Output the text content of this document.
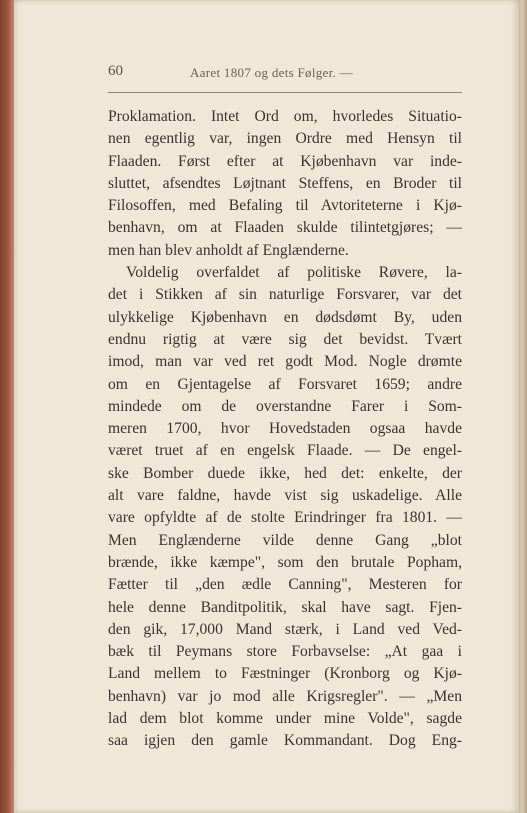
60	Aaret 1807 og dets Følger. —
Proklamation. Intet Ord om, hvorledes Situatio-
nen egentlig var, ingen Ordre med Hensyn til
Flaaden. Først efter at Kjøbenhavn var inde-
sluttet, afsendtes Løjtnant Steffens, en Broder til
Filosoffen, med Befaling til Avtoriteterne i Kjø-
benhavn, om at Flaaden skulde tilintetgjøres; —
men han blev anholdt af Englænderne.
Voldelig overfaldet af politiske Røvere, la-
det i Stikken af sin naturlige Forsvarer, var det
ulykkelige Kjøbenhavn en dødsdømt By, uden
endnu rigtig at være sig det bevidst. Tvært
imod, man var ved ret godt Mod. Nogle drømte
om en Gjentagelse af Forsvaret 1659; andre
mindede om de overstandne Farer i Som-
meren 1700, hvor Hovedstaden ogsaa havde
været truet af en engelsk Flaade. — De engel-
ske Bomber duede ikke, hed det: enkelte, der
alt vare faldne, havde vist sig uskadelige. Alle
vare opfyldte af de stolte Erindringer fra 1801. —
Men Englænderne vilde denne Gang „blot
brænde, ikke kæmpe", som den brutale Popham,
Fætter til „den ædle Canning", Mesteren for
hele denne Banditpolitik, skal have sagt. Fjen-
den gik, 17,000 Mand stærk, i Land ved Ved-
bæk til Peymans store Forbavselse: „At gaa i
Land mellem to Fæstninger (Kronborg og Kjø-
benhavn) var jo mod alle Krigsregler". — „Men
lad dem blot komme under mine Volde", sagde
saa igjen den gamle Kommandant. Dog Eng-
